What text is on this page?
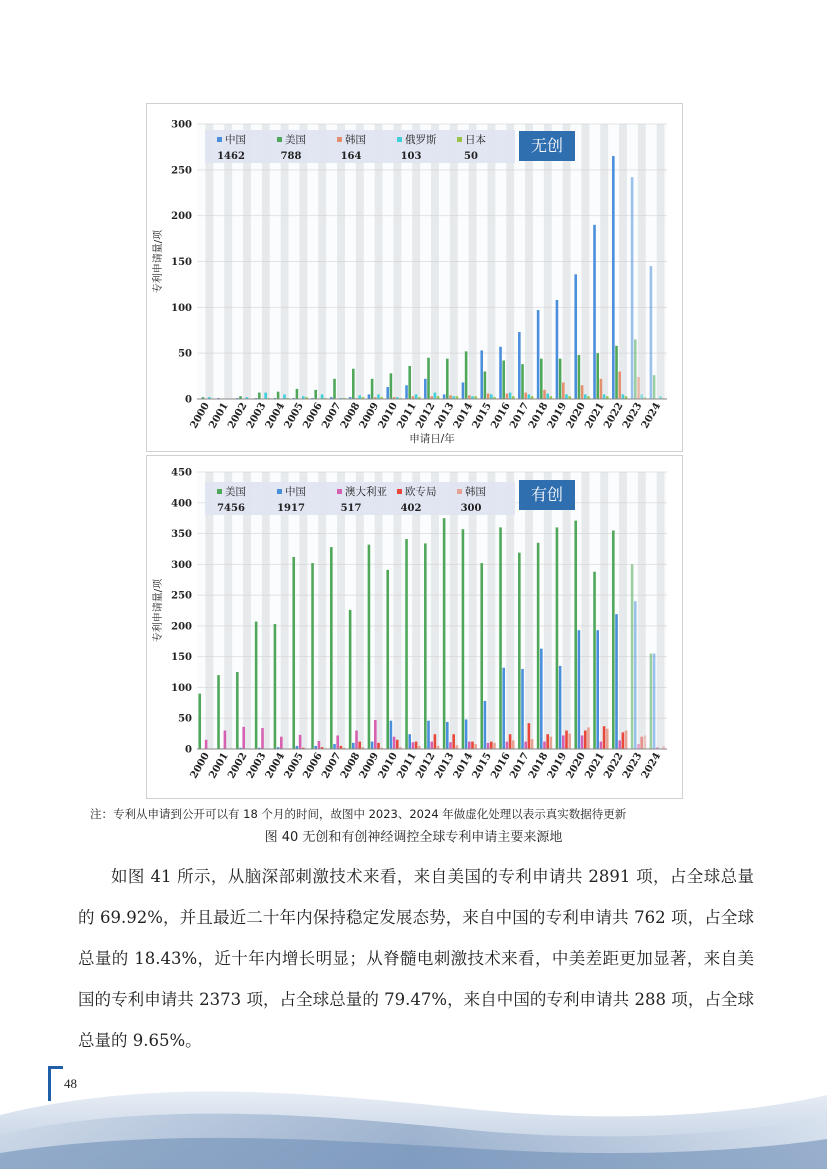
0
50
100
150
200
250
300
2000
2001
2002
2003
2004
2005
2006
2007
2008
2009
2010
2011
2012
2013
2014
2015
2016
2017
2018
2019
2020
2021
2022
2023
2024
专利申请量/项
申请日/年
中国
1462
美国
788
韩国
164
俄罗斯
103
日本
50
无创
0
50
100
150
200
250
300
350
400
450
2000
2001
2002
2003
2004
2005
2006
2007
2008
2009
2010
2011
2012
2013
2014
2015
2016
2017
2018
2019
2020
2021
2022
2023
2024
专利申请量/项
美国
7456
中国
1917
澳大利亚
517
欧专局
402
韩国
300
有创
注：专利从申请到公开可以有 18 个月的时间，故图中 2023、2024 年做虚化处理以表示真实数据待更新
图 40 无创和有创神经调控全球专利申请主要来源地

如图 41 所示，从脑深部刺激技术来看，来自美国的专利申请共 2891 项，占全球总量的 69.92%，并且最近二十年内保持稳定发展态势，来自中国的专利申请共 762 项，占全球总量的 18.43%，近十年内增长明显；从脊髓电刺激技术来看，中美差距更加显著，来自美国的专利申请共 2373 项，占全球总量的 79.47%，来自中国的专利申请共 288 项，占全球总量的 9.65%。

48
